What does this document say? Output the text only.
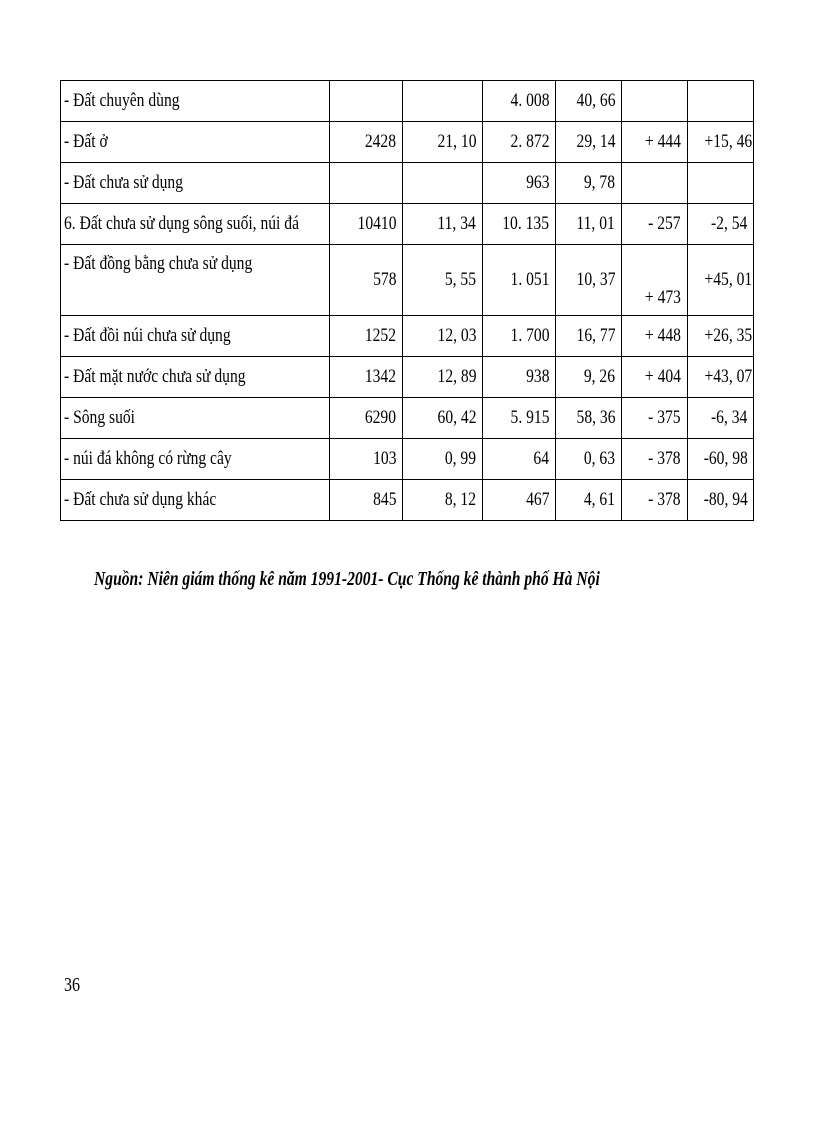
- Đất chuyên dùng			4. 008	40, 66		
- Đất ở	2428	21, 10	2. 872	29, 14	+ 444	+15, 46
- Đất chưa sử dụng			963	9, 78		
6. Đất chưa sử dụng sông suối, núi đá	10410	11, 34	10. 135	11, 01	- 257	-2, 54
- Đất đồng bằng chưa sử dụng	578	5, 55	1. 051	10, 37	+ 473	+45, 01
- Đất đồi núi chưa sử dụng	1252	12, 03	1. 700	16, 77	+ 448	+26, 35
- Đất mặt nước chưa sử dụng	1342	12, 89	938	9, 26	+ 404	+43, 07
- Sông suối	6290	60, 42	5. 915	58, 36	- 375	-6, 34
- núi đá không có rừng cây	103	0, 99	64	0, 63	- 378	-60, 98
- Đất chưa sử dụng khác	845	8, 12	467	4, 61	- 378	-80, 94
Nguồn: Niên giám thống kê năm 1991-2001- Cục Thống kê thành phố Hà Nội
36
